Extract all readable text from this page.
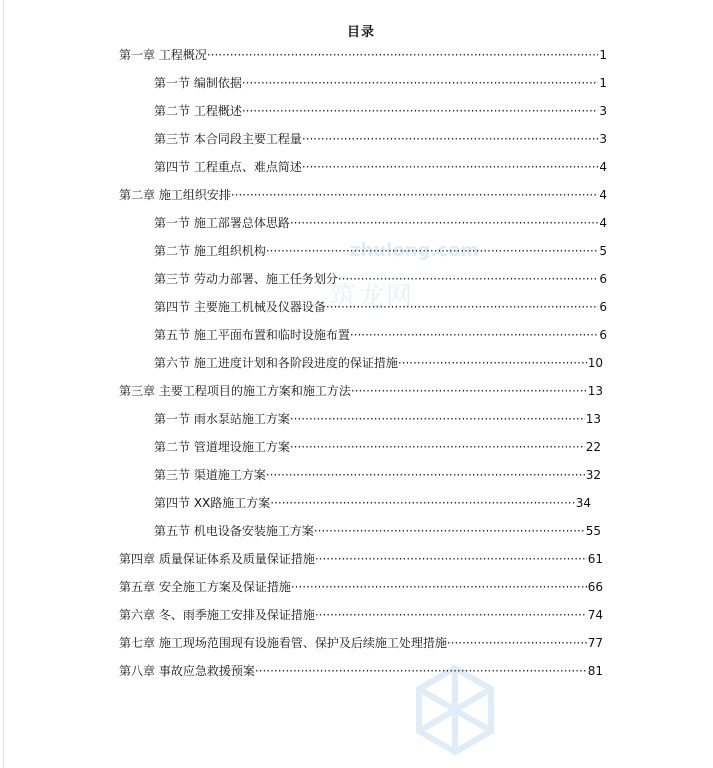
zhulong.com
筑龙网
目录
第一章 工程概况 ·····	1
第一节 编制依据 ·····	1
第二节 工程概述 ·····	3
第三节 本合同段主要工程量 ·····	3
第四节 工程重点、难点简述 ·····	4
第二章 施工组织安排 ·····	4
第一节 施工部署总体思路 ·····	4
第二节 施工组织机构 ·····	5
第三节 劳动力部署、施工任务划分 ·····	6
第四节 主要施工机械及仪器设备 ·····	6
第五节 施工平面布置和临时设施布置 ·····	6
第六节 施工进度计划和各阶段进度的保证措施 ·····	10
第三章 主要工程项目的施工方案和施工方法 ·····	13
第一节 雨水泵站施工方案 ·····	13
第二节 管道埋设施工方案 ·····	22
第三节 渠道施工方案 ·····	32
第四节 XX路施工方案 ·····	34
第五节 机电设备安装施工方案 ·····	55
第四章 质量保证体系及质量保证措施 ·····	61
第五章 安全施工方案及保证措施 ·····	66
第六章 冬、雨季施工安排及保证措施 ·····	74
第七章 施工现场范围现有设施看管、保护及后续施工处理措施 ·····	77
第八章 事故应急救援预案 ·····	81
